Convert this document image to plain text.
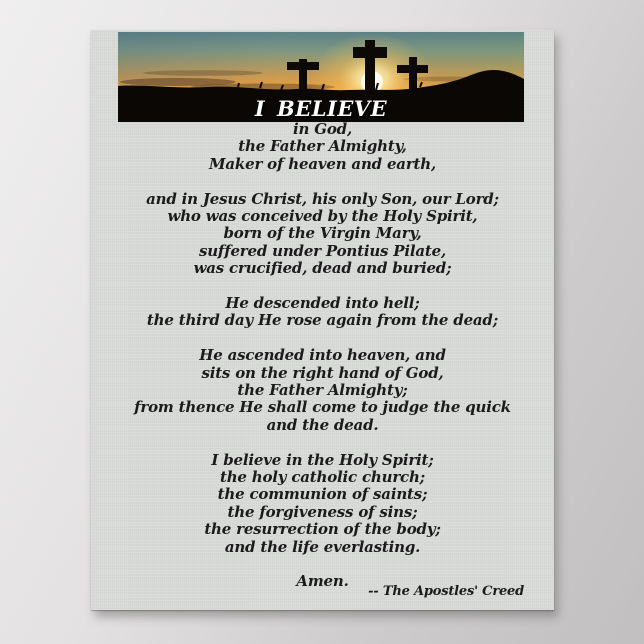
I BELIEVE

in God,
the Father Almighty,
Maker of heaven and earth,

and in Jesus Christ, his only Son, our Lord;
who was conceived by the Holy Spirit,
born of the Virgin Mary,
suffered under Pontius Pilate,
was crucified, dead and buried;

He descended into hell;
the third day He rose again from the dead;

He ascended into heaven, and
sits on the right hand of God,
the Father Almighty;
from thence He shall come to judge the quick
and the dead.

I believe in the Holy Spirit;
the holy catholic church;
the communion of saints;
the forgiveness of sins;
the resurrection of the body;
and the life everlasting.

Amen.
-- The Apostles' Creed
